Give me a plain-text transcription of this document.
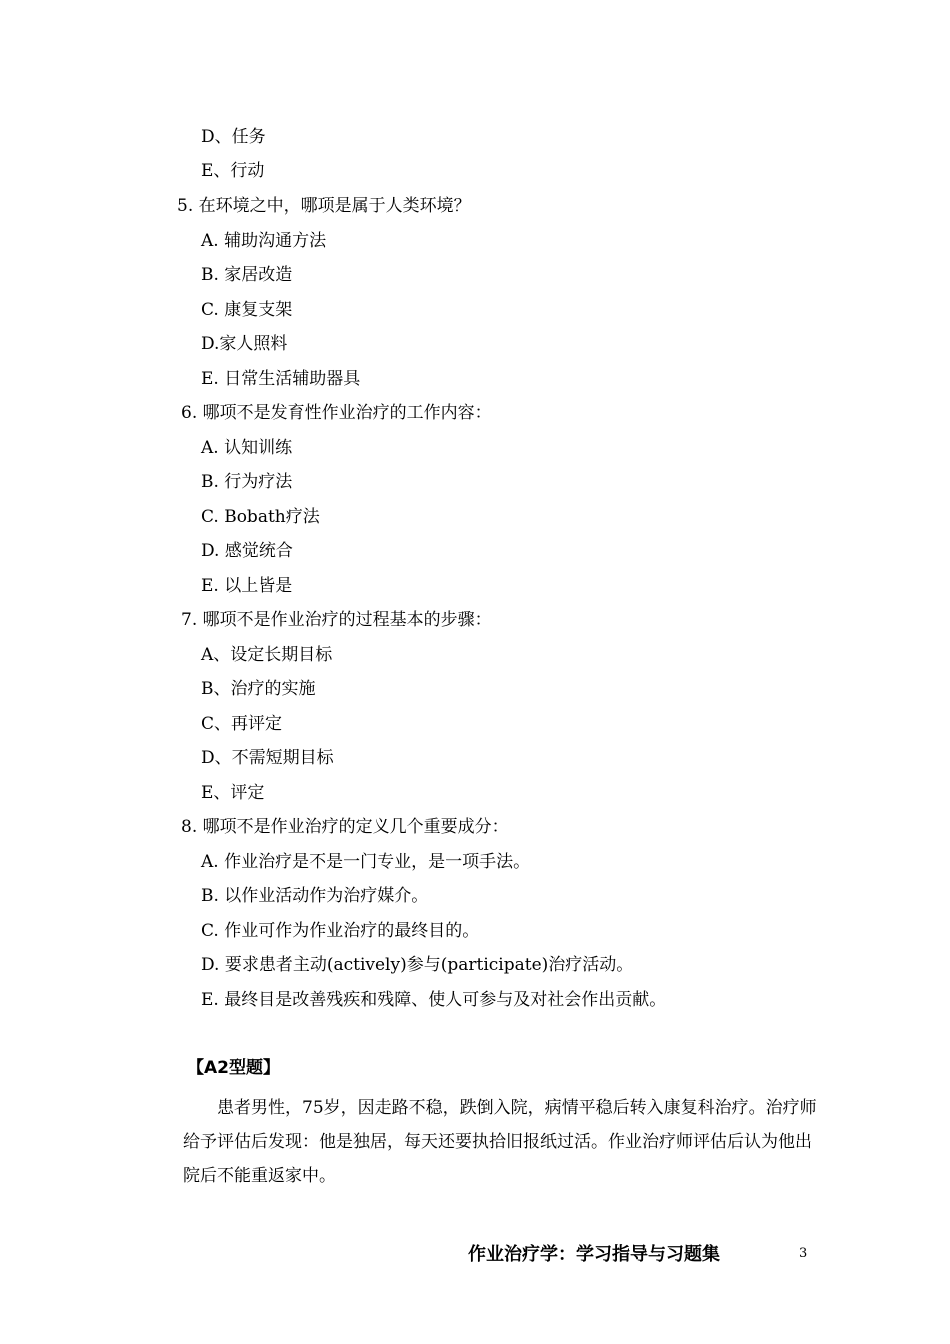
D、任务
E、行动
5. 在环境之中，哪项是属于人类环境？
A. 辅助沟通方法
B. 家居改造
C. 康复支架
D.家人照料
E. 日常生活辅助器具
6. 哪项不是发育性作业治疗的工作内容：
A. 认知训练
B. 行为疗法
C. Bobath疗法
D. 感觉统合
E. 以上皆是
7. 哪项不是作业治疗的过程基本的步骤：
A、设定长期目标
B、治疗的实施
C、再评定
D、不需短期目标
E、评定
8. 哪项不是作业治疗的定义几个重要成分：
A. 作业治疗是不是一门专业，是一项手法。
B. 以作业活动作为治疗媒介。
C. 作业可作为作业治疗的最终目的。
D. 要求患者主动(actively)参与(participate)治疗活动。
E. 最终目是改善残疾和残障、使人可参与及对社会作出贡献。
【A2型题】

患者男性，75岁，因走路不稳，跌倒入院，病情平稳后转入康复科治疗。治疗师给予评估后发现：他是独居，每天还要执拾旧报纸过活。作业治疗师评估后认为他出院后不能重返家中。

作业治疗学：学习指导与习题集	3
